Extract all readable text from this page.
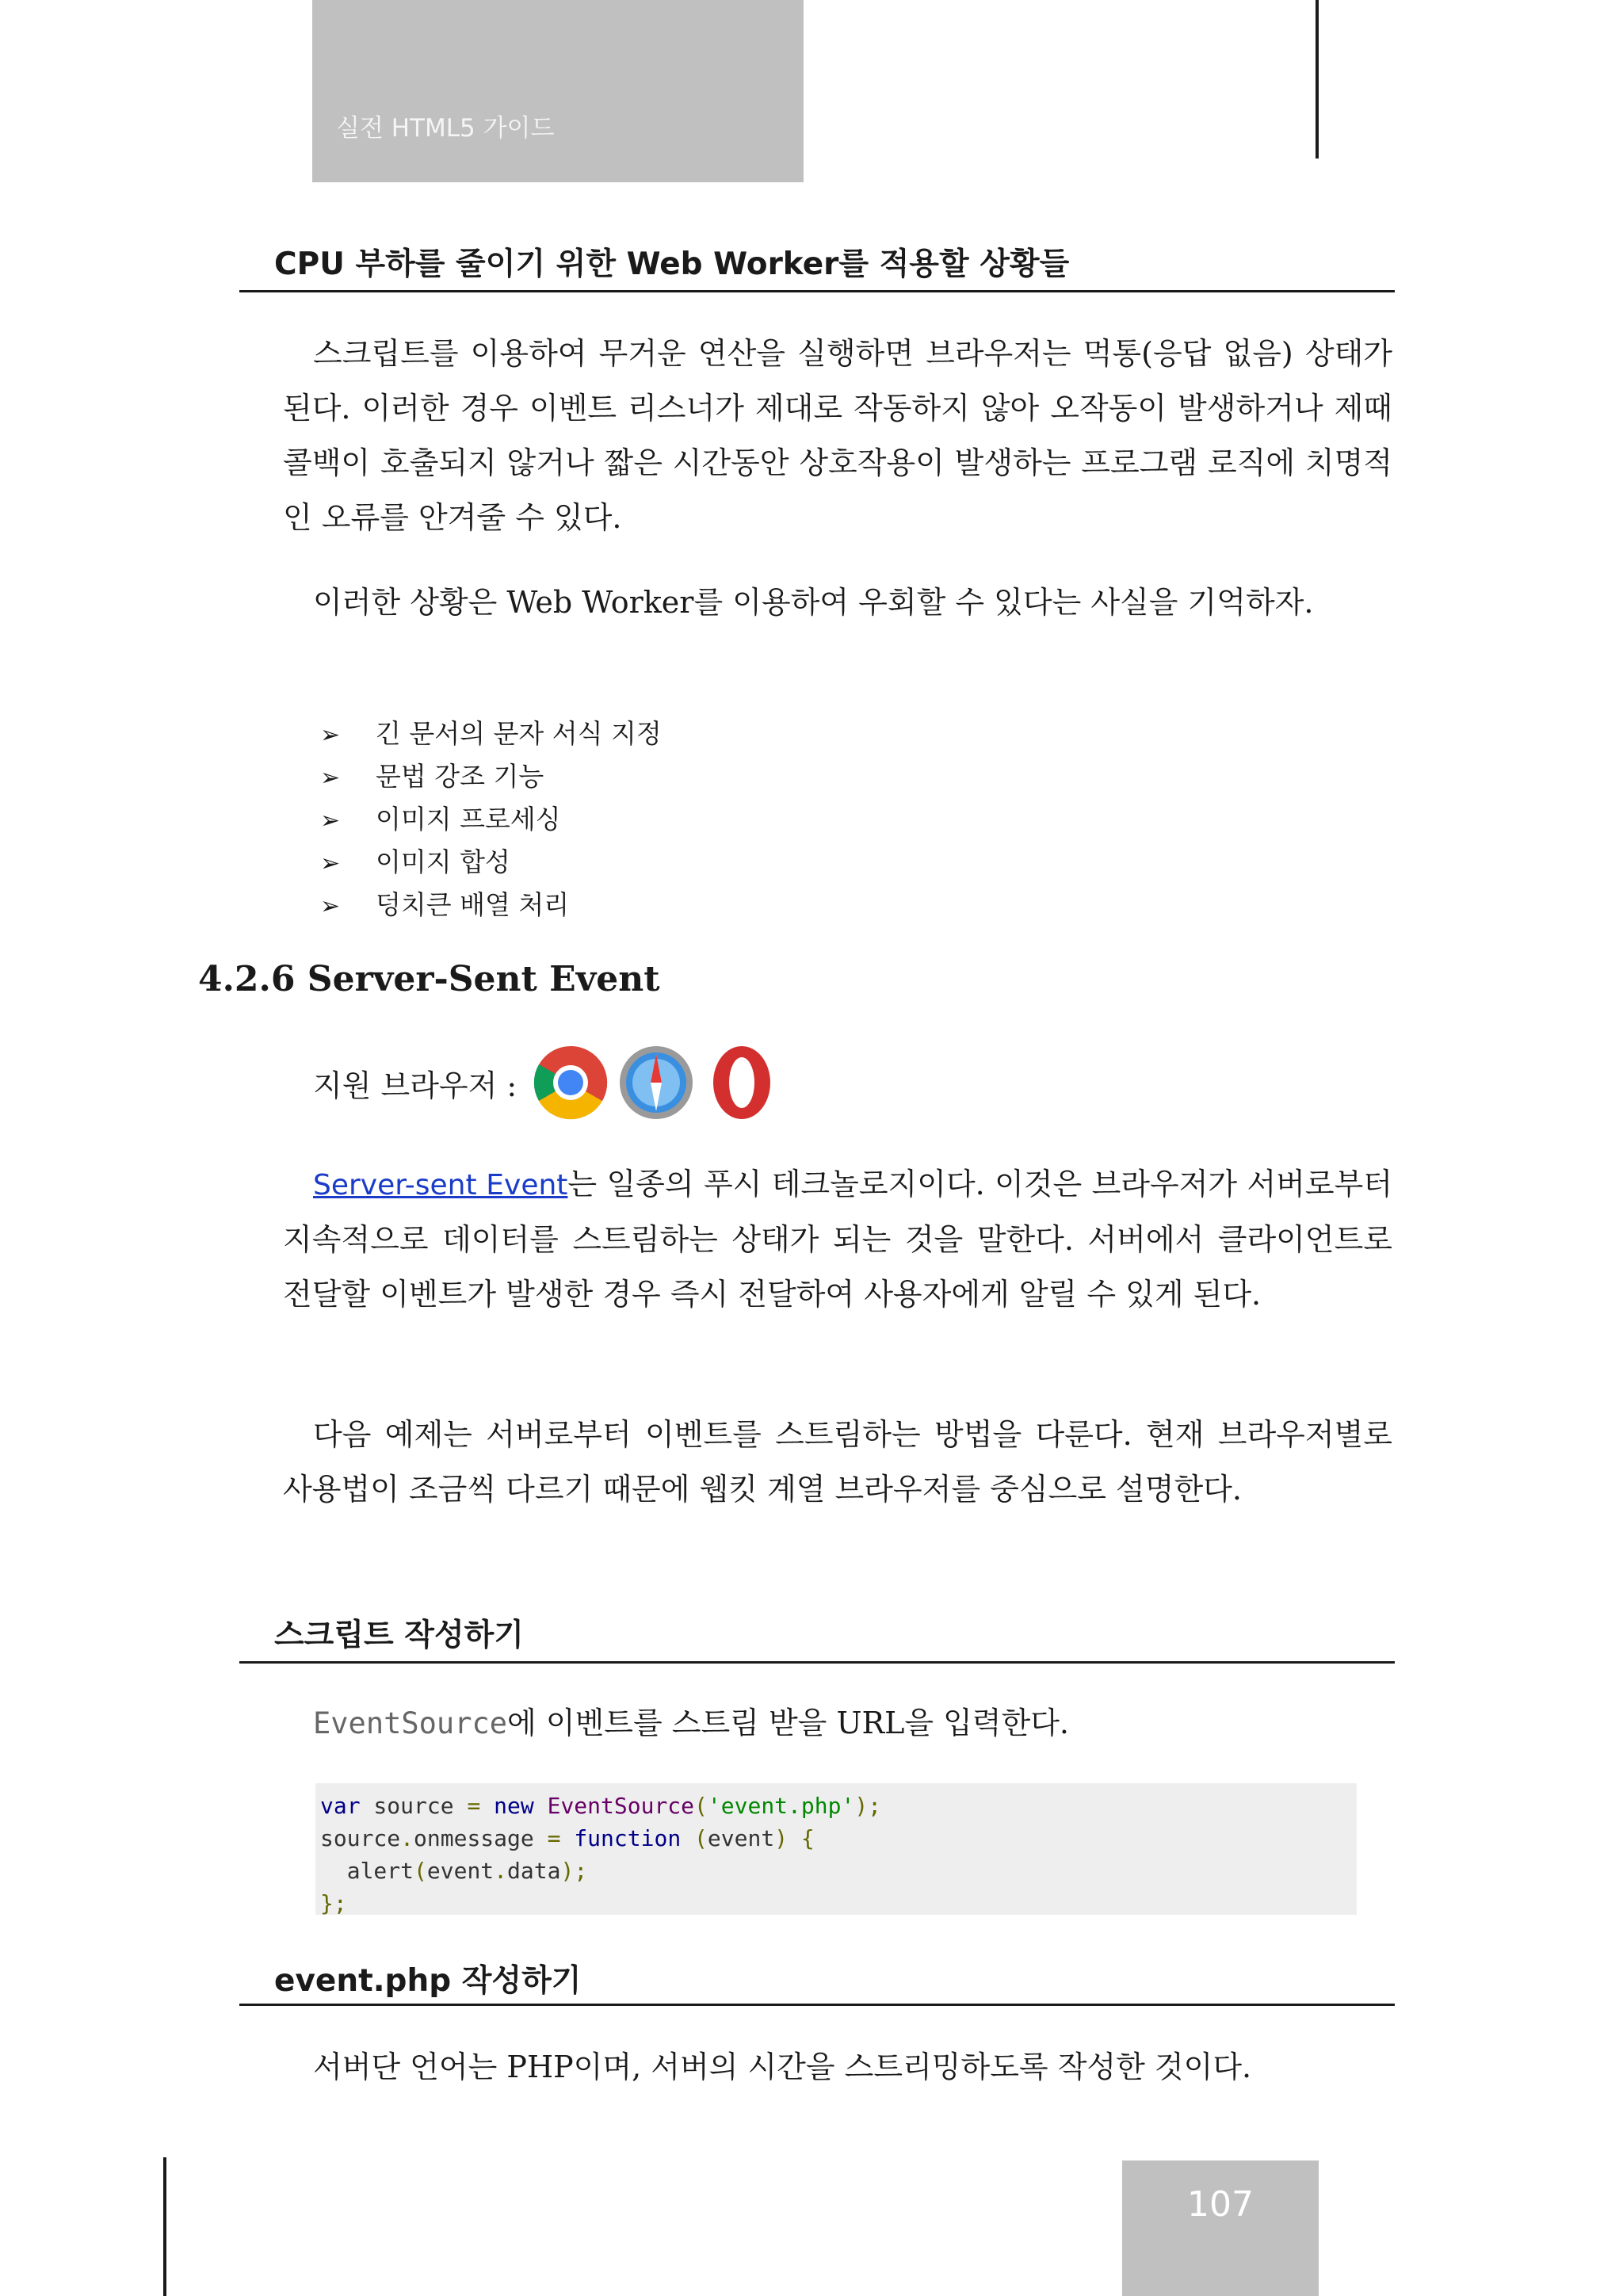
실전 HTML5 가이드
CPU 부하를 줄이기 위한 Web Worker를 적용할 상황들

스크립트를 이용하여 무거운 연산을 실행하면 브라우저는 먹통(응답 없음) 상태가 된다. 이러한 경우 이벤트 리스너가 제대로 작동하지 않아 오작동이 발생하거나 제때 콜백이 호출되지 않거나 짧은 시간동안 상호작용이 발생하는 프로그램 로직에 치명적인 오류를 안겨줄 수 있다.

이러한 상황은 Web Worker를 이용하여 우회할 수 있다는 사실을 기억하자.

➢ 긴 문서의 문자 서식 지정
➢ 문법 강조 기능
➢ 이미지 프로세싱
➢ 이미지 합성
➢ 덩치큰 배열 처리
4.2.6 Server-Sent Event
지원 브라우저 :

Server-sent Event는 일종의 푸시 테크놀로지이다. 이것은 브라우저가 서버로부터 지속적으로 데이터를 스트림하는 상태가 되는 것을 말한다. 서버에서 클라이언트로 전달할 이벤트가 발생한 경우 즉시 전달하여 사용자에게 알릴 수 있게 된다.

다음 예제는 서버로부터 이벤트를 스트림하는 방법을 다룬다. 현재 브라우저별로 사용법이 조금씩 다르기 때문에 웹킷 계열 브라우저를 중심으로 설명한다.

스크립트 작성하기

EventSource에 이벤트를 스트림 받을 URL을 입력한다.

var source = new EventSource('event.php');
source.onmessage = function (event) {
alert(event.data);
};
event.php 작성하기

서버단 언어는 PHP이며, 서버의 시간을 스트리밍하도록 작성한 것이다.

107
